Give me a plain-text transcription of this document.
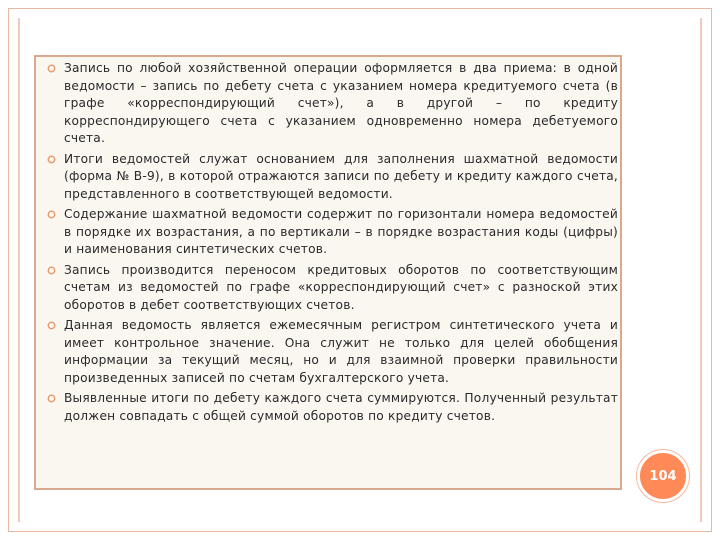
Запись по любой хозяйственной операции оформляется в два приема: в одной ведомости – запись по дебету счета с указанием номера кредитуемого счета (в графе «корреспондирующий счет»), а в другой – по кредиту корреспондирующего счета с указанием одновременно номера дебетуемого счета.
Итоги ведомостей служат основанием для заполнения шахматной ведомости (форма № В-9), в которой отражаются записи по дебету и кредиту каждого счета, представленного в соответствующей ведомости.
Содержание шахматной ведомости содержит по горизонтали номера ведомостей в порядке их возрастания, а по вертикали – в порядке возрастания коды (цифры) и наименования синтетических счетов.
Запись производится переносом кредитовых оборотов по соответствующим счетам из ведомостей по графе «корреспондирующий счет» с разноской этих оборотов в дебет соответствующих счетов.
Данная ведомость является ежемесячным регистром синтетического учета и имеет контрольное значение. Она служит не только для целей обобщения информации за текущий месяц, но и для взаимной проверки правильности произведенных записей по счетам бухгалтерского учета.
Выявленные итоги по дебету каждого счета суммируются. Полученный результат должен совпадать с общей суммой оборотов по кредиту счетов.
104
